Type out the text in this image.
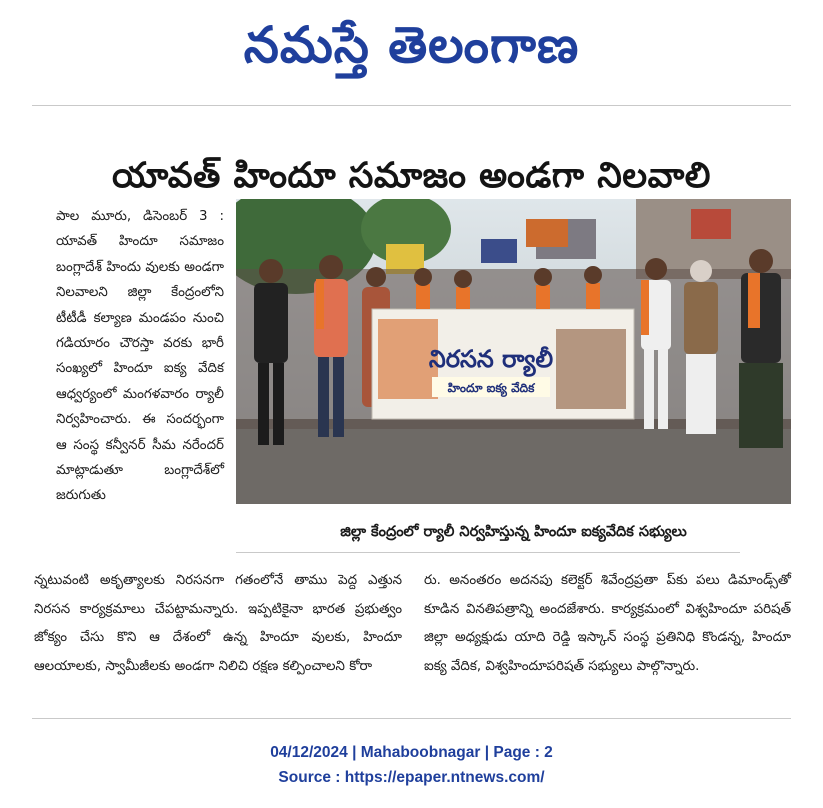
నమస్తే తెలంగాణ
యావత్ హిందూ సమాజం అండగా నిలవాలి

పాల మూరు, డిసెంబర్ 3 : యావత్ హిందూ సమాజం బంగ్లాదేశ్ హిందు వులకు అండగా నిలవాలని జిల్లా కేంద్రంలోని టీటీడీ కల్యాణ మండపం నుంచి గడియారం చౌరస్తా వరకు భారీ సంఖ్యలో హిందూ ఐక్య వేదిక ఆధ్వర్యంలో మంగళవారం ర్యాలీ నిర్వహించారు. ఈ సందర్భంగా ఆ సంస్థ కన్వీనర్ సీమ నరేందర్ మాట్లాడుతూ బంగ్లాదేశ్‌లో జరుగుతు

నిరసన ర్యాలీ
హిందూ ఐక్య వేదిక
జిల్లా కేంద్రంలో ర్యాలీ నిర్వహిస్తున్న హిందూ ఐక్యవేదిక సభ్యులు

న్నటువంటి అకృత్యాలకు నిరసనగా గతంలోనే తాము పెద్ద ఎత్తున నిరసన కార్యక్రమాలు చేపట్టామన్నారు. ఇప్పటికైనా భారత ప్రభుత్వం జోక్యం చేసు కొని ఆ దేశంలో ఉన్న హిందూ వులకు, హిందూ ఆలయాలకు, స్వామీజీలకు అండగా నిలిచి రక్షణ కల్పించాలని కోరా

రు. అనంతరం అదనపు కలెక్టర్ శివేంద్రప్రతా ప్‌కు పలు డిమాండ్స్‌తో కూడిన వినతిపత్రాన్ని అందజేశారు. కార్యక్రమంలో విశ్వహిందూ పరిషత్ జిల్లా అధ్యక్షుడు యాది రెడ్డి ఇస్కాన్ సంస్థ ప్రతినిధి కొండన్న, హిందూ ఐక్య వేదిక, విశ్వహిందూపరిషత్ సభ్యులు పాల్గొన్నారు.

04/12/2024 | Mahaboobnagar | Page : 2
Source : https://epaper.ntnews.com/
